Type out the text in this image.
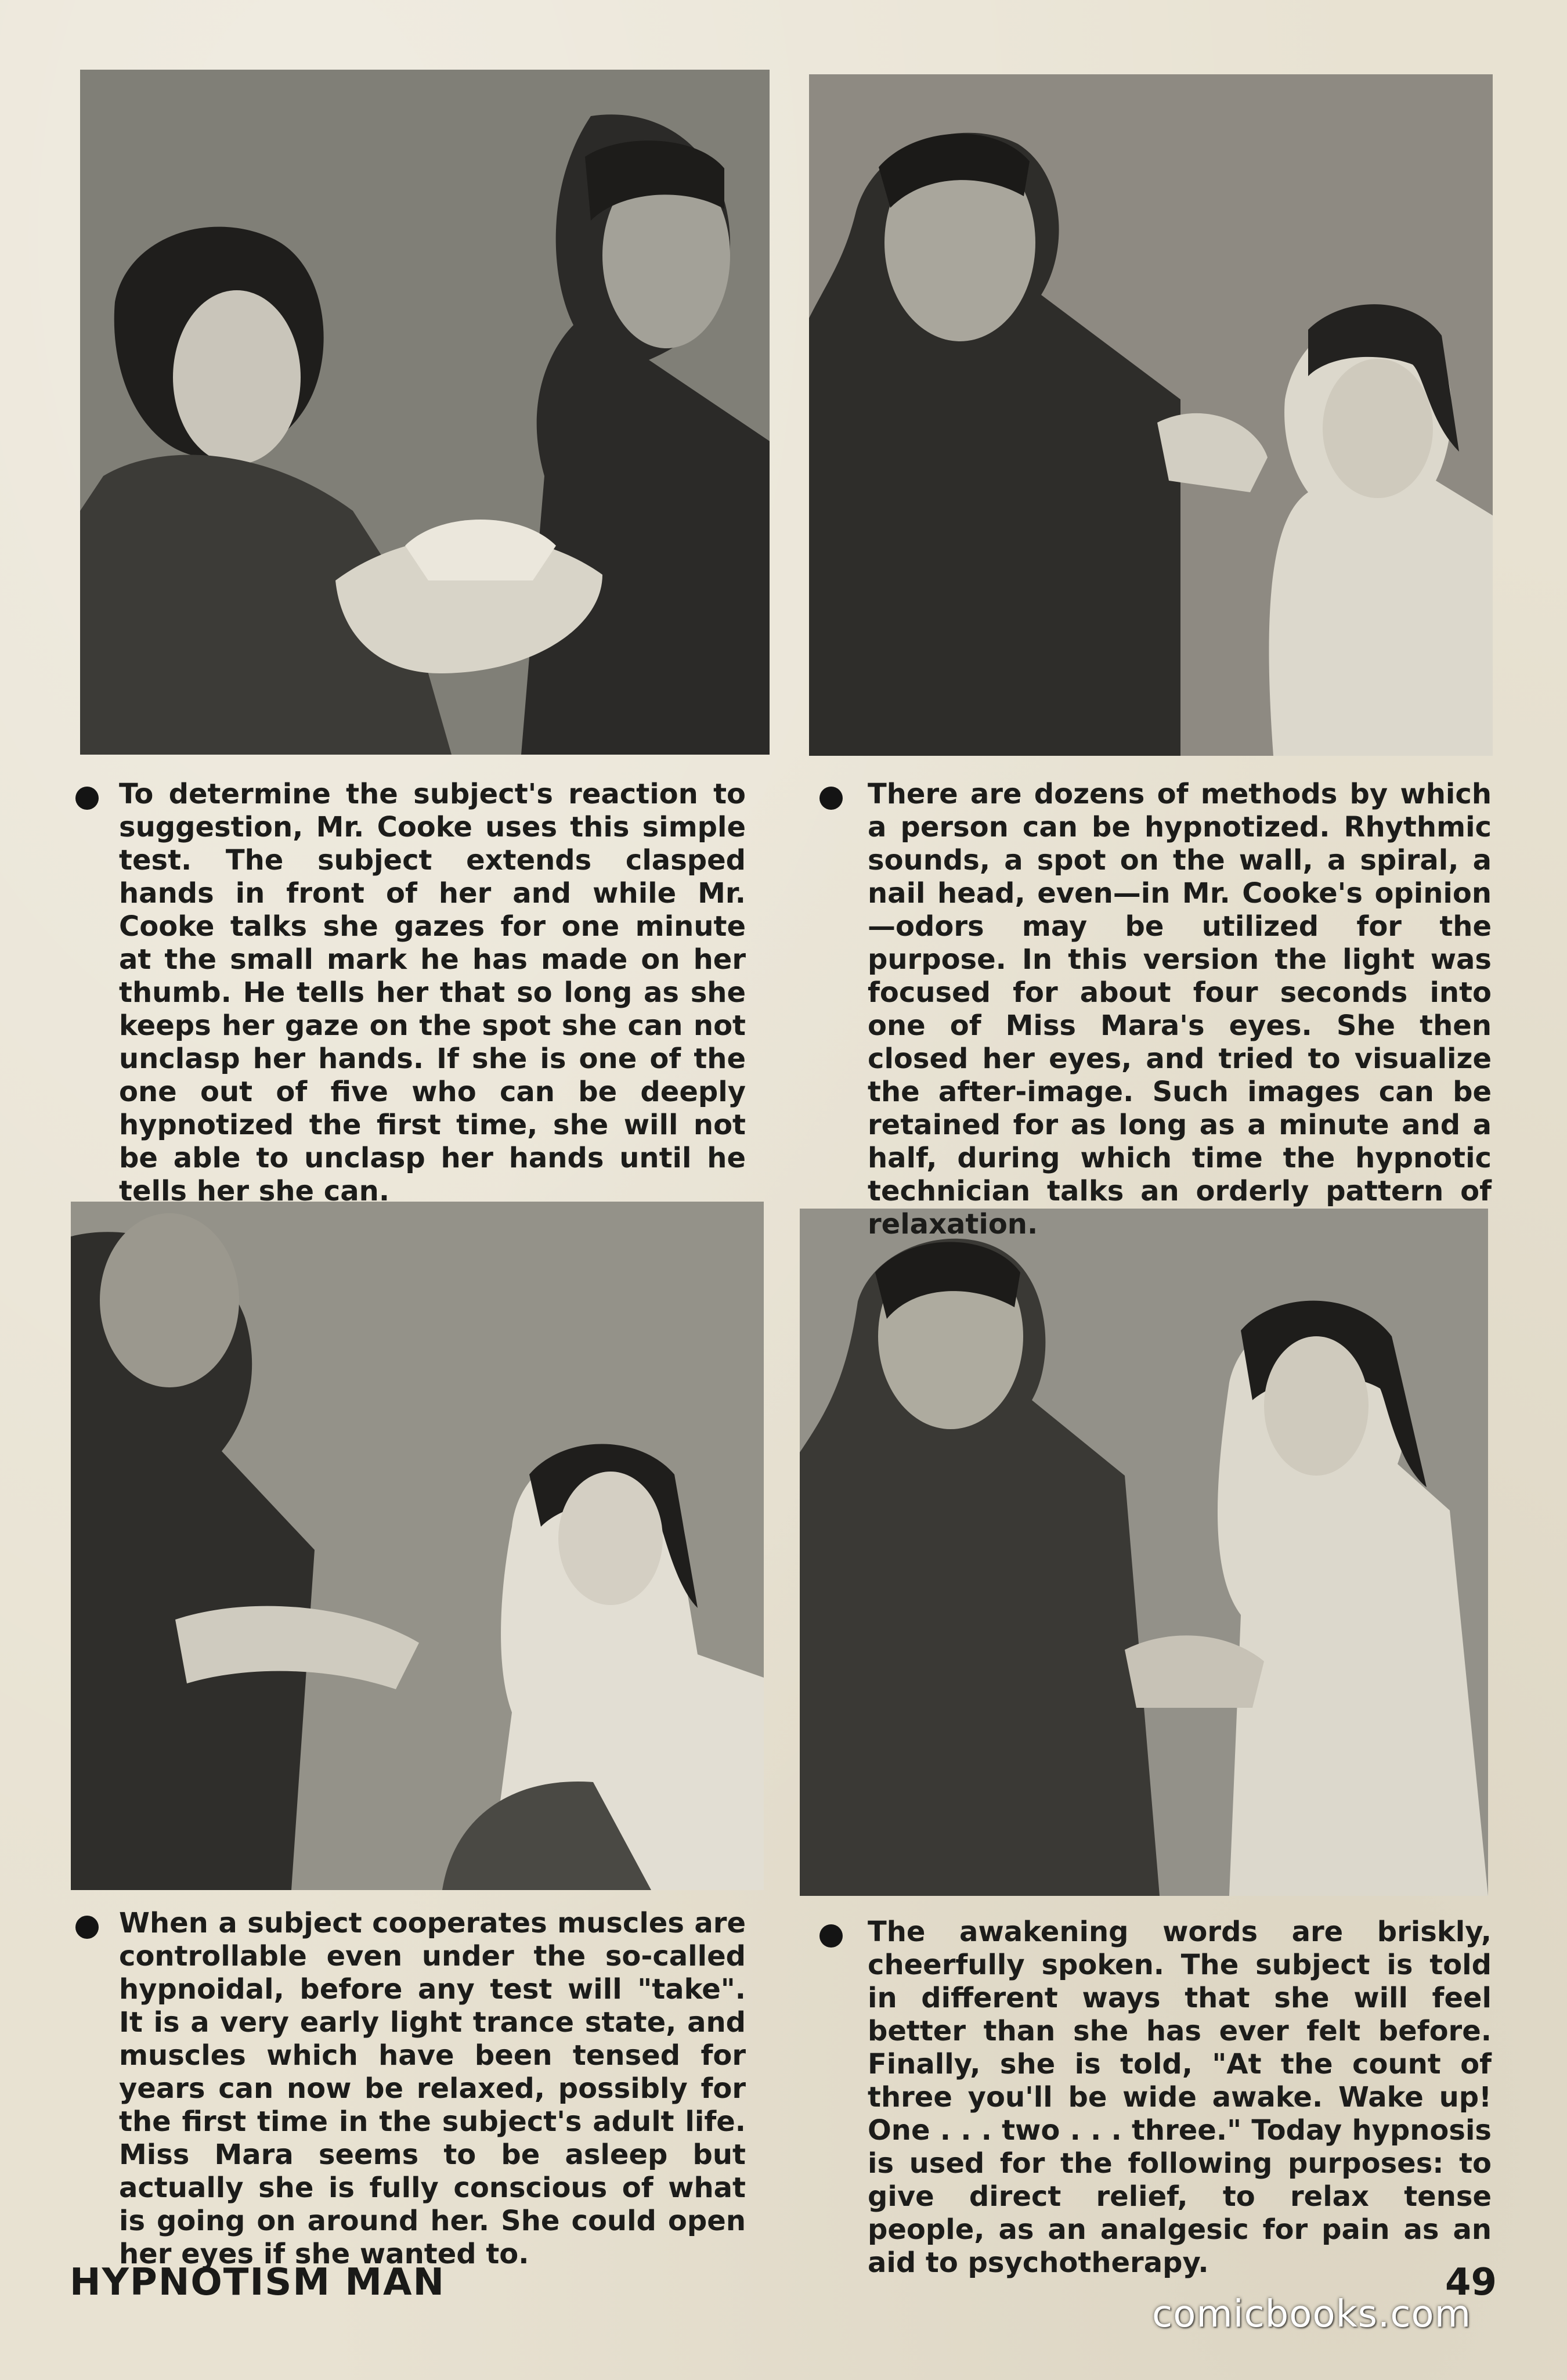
To determine the subject's reaction to suggestion, Mr. Cooke uses this simple test. The subject extends clasped hands in front of her and while Mr. Cooke talks she gazes for one minute at the small mark he has made on her thumb. He tells her that so long as she keeps her gaze on the spot she can not unclasp her hands. If she is one of the one out of five who can be deeply hypnotized the first time, she will not be able to unclasp her hands until he tells her she can.

There are dozens of methods by which a person can be hypnotized. Rhythmic sounds, a spot on the wall, a spiral, a nail head, even—in Mr. Cooke's opinion—odors may be utilized for the purpose. In this version the light was focused for about four seconds into one of Miss Mara's eyes. She then closed her eyes, and tried to visualize the after-image. Such images can be retained for as long as a minute and a half, during which time the hypnotic technician talks an orderly pattern of relaxation.

When a subject cooperates muscles are controllable even under the so-called hypnoidal, before any test will "take". It is a very early light trance state, and muscles which have been tensed for years can now be relaxed, possibly for the first time in the subject's adult life. Miss Mara seems to be asleep but actually she is fully conscious of what is going on around her. She could open her eyes if she wanted to.

The awakening words are briskly, cheerfully spoken. The subject is told in different ways that she will feel better than she has ever felt before. Finally, she is told, "At the count of three you'll be wide awake. Wake up! One . . . two . . . three." Today hypnosis is used for the following purposes: to give direct relief, to relax tense people, as an analgesic for pain as an aid to psychotherapy.

HYPNOTISM MAN	49
comicbooks.com
